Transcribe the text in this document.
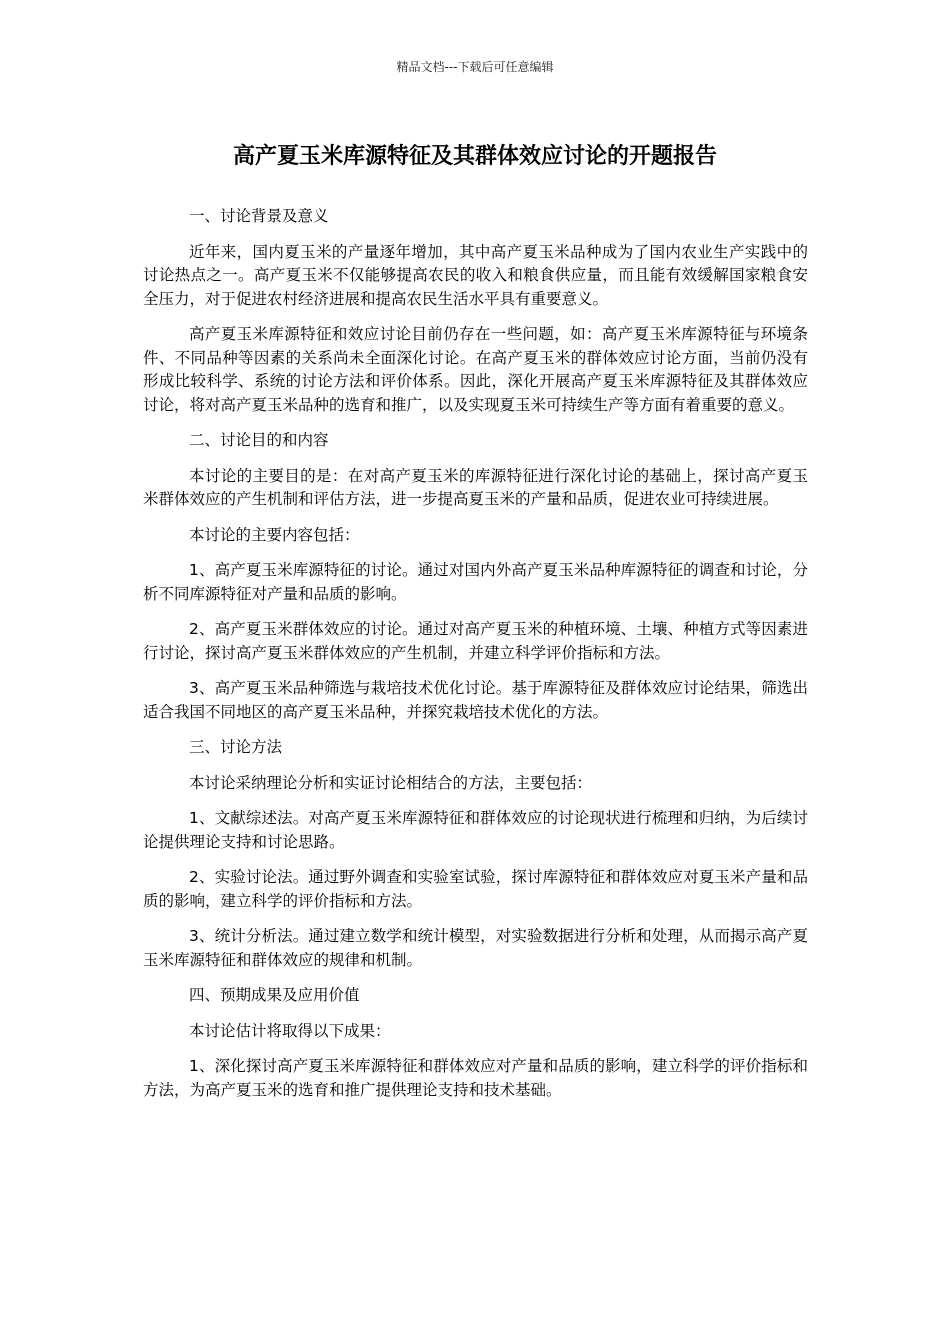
精品文档---下载后可任意编辑
高产夏玉米库源特征及其群体效应讨论的开题报告

一、讨论背景及意义

近年来，国内夏玉米的产量逐年增加，其中高产夏玉米品种成为了国内农业生产实践中的讨论热点之一。高产夏玉米不仅能够提高农民的收入和粮食供应量，而且能有效缓解国家粮食安全压力，对于促进农村经济进展和提高农民生活水平具有重要意义。

高产夏玉米库源特征和效应讨论目前仍存在一些问题，如：高产夏玉米库源特征与环境条件、不同品种等因素的关系尚未全面深化讨论。在高产夏玉米的群体效应讨论方面，当前仍没有形成比较科学、系统的讨论方法和评价体系。因此，深化开展高产夏玉米库源特征及其群体效应讨论，将对高产夏玉米品种的选育和推广，以及实现夏玉米可持续生产等方面有着重要的意义。

二、讨论目的和内容

本讨论的主要目的是：在对高产夏玉米的库源特征进行深化讨论的基础上，探讨高产夏玉米群体效应的产生机制和评估方法，进一步提高夏玉米的产量和品质，促进农业可持续进展。

本讨论的主要内容包括：

1、高产夏玉米库源特征的讨论。通过对国内外高产夏玉米品种库源特征的调查和讨论，分析不同库源特征对产量和品质的影响。

2、高产夏玉米群体效应的讨论。通过对高产夏玉米的种植环境、土壤、种植方式等因素进行讨论，探讨高产夏玉米群体效应的产生机制，并建立科学评价指标和方法。

3、高产夏玉米品种筛选与栽培技术优化讨论。基于库源特征及群体效应讨论结果，筛选出适合我国不同地区的高产夏玉米品种，并探究栽培技术优化的方法。

三、讨论方法

本讨论采纳理论分析和实证讨论相结合的方法，主要包括：

1、文献综述法。对高产夏玉米库源特征和群体效应的讨论现状进行梳理和归纳，为后续讨论提供理论支持和讨论思路。

2、实验讨论法。通过野外调查和实验室试验，探讨库源特征和群体效应对夏玉米产量和品质的影响，建立科学的评价指标和方法。

3、统计分析法。通过建立数学和统计模型，对实验数据进行分析和处理，从而揭示高产夏玉米库源特征和群体效应的规律和机制。

四、预期成果及应用价值

本讨论估计将取得以下成果：

1、深化探讨高产夏玉米库源特征和群体效应对产量和品质的影响，建立科学的评价指标和方法，为高产夏玉米的选育和推广提供理论支持和技术基础。
